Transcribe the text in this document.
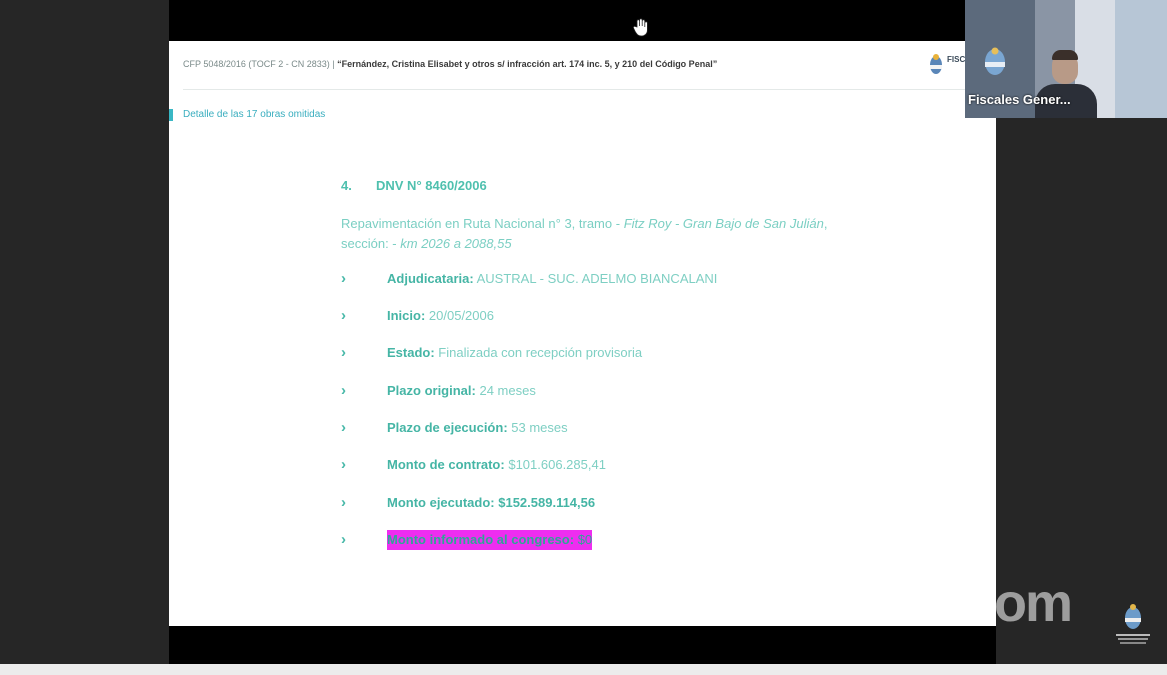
CFP 5048/2016 (TOCF 2 - CN 2833) | “Fernández, Cristina Elisabet y otros s/ infracción art. 174 inc. 5, y 210 del Código Penal”	FISC
Detalle de las 17 obras omitidas
4. DNV N° 8460/2006
Repavimentación en Ruta Nacional n° 3, tramo - Fitz Roy - Gran Bajo de San Julián, sección: - km 2026 a 2088,55
›	Adjudicataria: AUSTRAL - SUC. ADELMO BIANCALANI
›	Inicio: 20/05/2006
›	Estado: Finalizada con recepción provisoria
›	Plazo original: 24 meses
›	Plazo de ejecución: 53 meses
›	Monto de contrato: $101.606.285,41
›	Monto ejecutado: $152.589.114,56
›	Monto informado al congreso: $0
Fiscales Gener...
zoom
